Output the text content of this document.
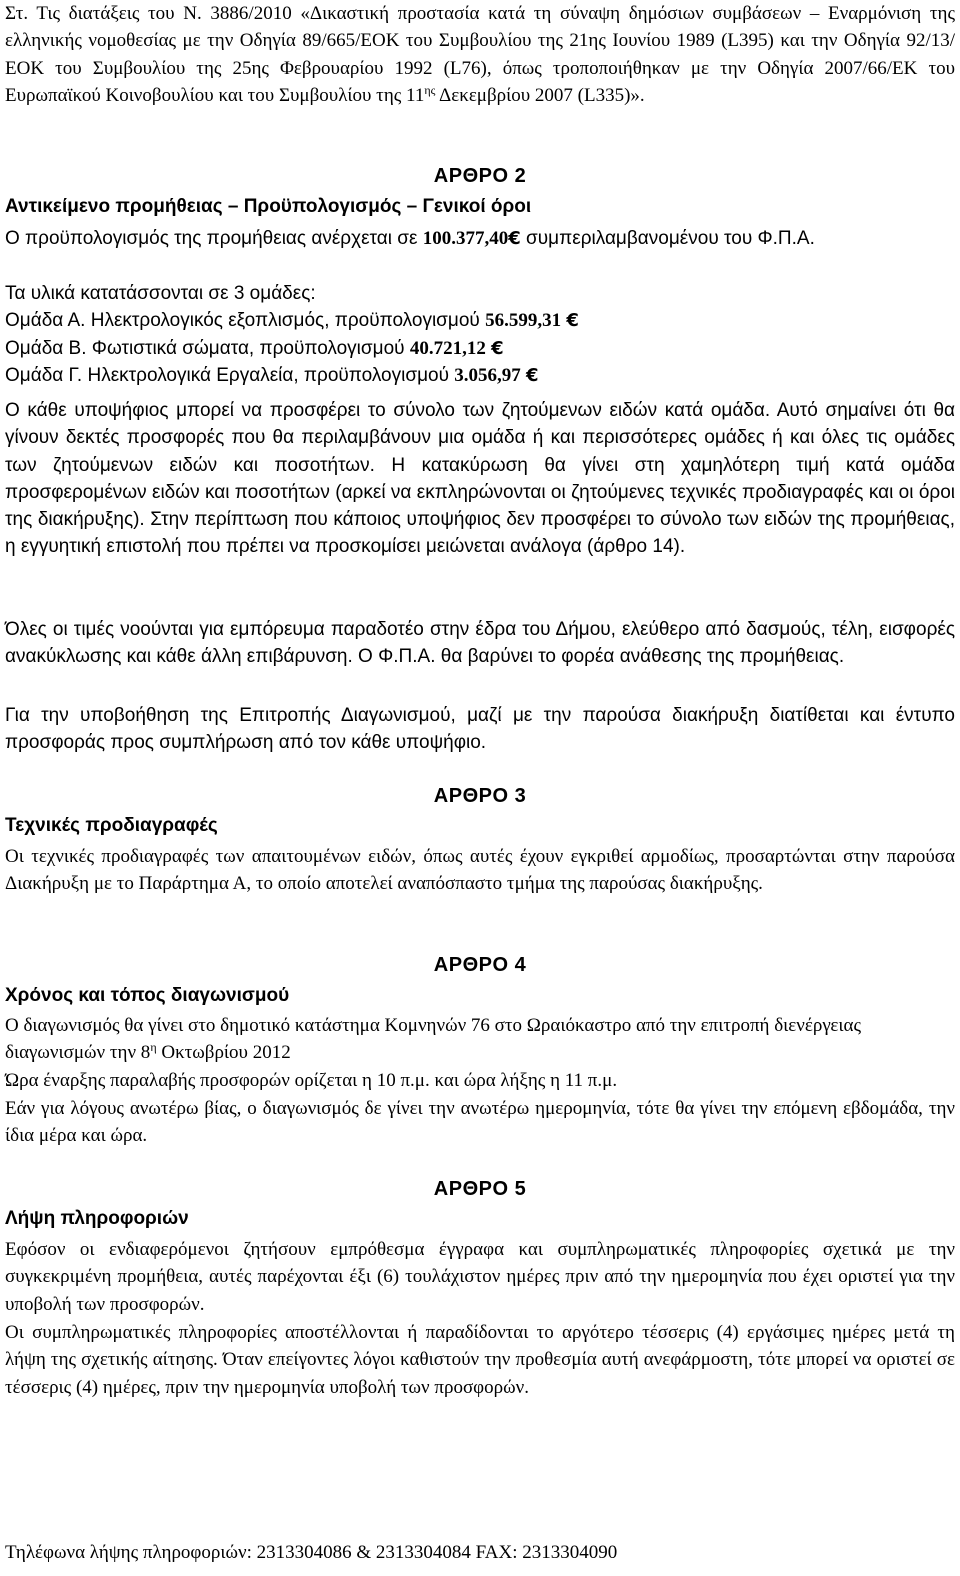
Στ. Τις διατάξεις του Ν. 3886/2010 «Δικαστική προστασία κατά τη σύναψη δημόσιων συμβάσεων – Εναρμόνιση της ελληνικής νομοθεσίας με την Οδηγία 89/665/ΕΟΚ του Συμβουλίου της 21ης Ιουνίου 1989 (L395) και την Οδηγία 92/13/ΕΟΚ του Συμβουλίου της 25ης Φεβρουαρίου 1992 (L76), όπως τροποποιήθηκαν με την Οδηγία 2007/66/ΕΚ του Ευρωπαϊκού Κοινοβουλίου και του Συμβουλίου της $11^{\eta\varsigma}$ Δεκεμβρίου 2007 (L335)».
ΑΡΘΡΟ 2
Αντικείμενο προμήθειας – Προϋπολογισμός – Γενικοί όροι
Ο προϋπολογισμός της προμήθειας ανέρχεται σε 100.377,40€ συμπεριλαμβανομένου του Φ.Π.Α.
Τα υλικά κατατάσσονται σε 3 ομάδες:
Ομάδα Α. Ηλεκτρολογικός εξοπλισμός, προϋπολογισμού 56.599,31 €
Ομάδα Β. Φωτιστικά σώματα, προϋπολογισμού 40.721,12 €
Ομάδα Γ. Ηλεκτρολογικά Εργαλεία, προϋπολογισμού 3.056,97 €
Ο κάθε υποψήφιος μπορεί να προσφέρει το σύνολο των ζητούμενων ειδών κατά ομάδα. Αυτό σημαίνει ότι θα γίνουν δεκτές προσφορές που θα περιλαμβάνουν μια ομάδα ή και περισσότερες ομάδες ή και όλες τις ομάδες των ζητούμενων ειδών και ποσοτήτων. Η κατακύρωση θα γίνει στη χαμηλότερη τιμή κατά ομάδα προσφερομένων ειδών και ποσοτήτων (αρκεί να εκπληρώνονται οι ζητούμενες τεχνικές προδιαγραφές και οι όροι της διακήρυξης). Στην περίπτωση που κάποιος υποψήφιος δεν προσφέρει το σύνολο των ειδών της προμήθειας, η εγγυητική επιστολή που πρέπει να προσκομίσει μειώνεται ανάλογα (άρθρο 14).
Όλες οι τιμές νοούνται για εμπόρευμα παραδοτέο στην έδρα του Δήμου, ελεύθερο από δασμούς, τέλη, εισφορές ανακύκλωσης και κάθε άλλη επιβάρυνση. Ο Φ.Π.Α. θα βαρύνει το φορέα ανάθεσης της προμήθειας.
Για την υποβοήθηση της Επιτροπής Διαγωνισμού, μαζί με την παρούσα διακήρυξη διατίθεται και έντυπο προσφοράς προς συμπλήρωση από τον κάθε υποψήφιο.
ΑΡΘΡΟ 3
Τεχνικές προδιαγραφές
Οι τεχνικές προδιαγραφές των απαιτουμένων ειδών, όπως αυτές έχουν εγκριθεί αρμοδίως, προσαρτώνται στην παρούσα Διακήρυξη με το Παράρτημα Α, το οποίο αποτελεί αναπόσπαστο τμήμα της παρούσας διακήρυξης.
ΑΡΘΡΟ 4
Χρόνος και τόπος διαγωνισμού
Ο διαγωνισμός θα γίνει στο δημοτικό κατάστημα Κομνηνών 76 στο Ωραιόκαστρο από την επιτροπή διενέργειας διαγωνισμών την $8^\eta$ Οκτωβρίου 2012
Ώρα έναρξης παραλαβής προσφορών ορίζεται η 10 π.μ. και ώρα λήξης η 11 π.μ.
Εάν για λόγους ανωτέρω βίας, ο διαγωνισμός δε γίνει την ανωτέρω ημερομηνία, τότε θα γίνει την επόμενη εβδομάδα, την ίδια μέρα και ώρα.
ΑΡΘΡΟ 5
Λήψη πληροφοριών
Εφόσον οι ενδιαφερόμενοι ζητήσουν εμπρόθεσμα έγγραφα και συμπληρωματικές πληροφορίες σχετικά με την συγκεκριμένη προμήθεια, αυτές παρέχονται έξι (6) τουλάχιστον ημέρες πριν από την ημερομηνία που έχει οριστεί για την υποβολή των προσφορών.
Οι συμπληρωματικές πληροφορίες αποστέλλονται ή παραδίδονται το αργότερο τέσσερις (4) εργάσιμες ημέρες μετά τη λήψη της σχετικής αίτησης. Όταν επείγοντες λόγοι καθιστούν την προθεσμία αυτή ανεφάρμοστη, τότε μπορεί να οριστεί σε τέσσερις (4) ημέρες, πριν την ημερομηνία υποβολή των προσφορών.
Τηλέφωνα λήψης πληροφοριών: 2313304086 & 2313304084 FAX: 2313304090
